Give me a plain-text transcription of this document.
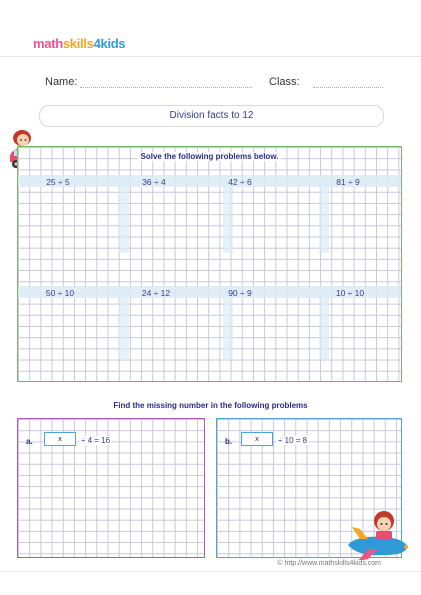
mathskills4kids
Name:	Class:
Division facts to 12
Solve the following problems below.
25 ÷ 5	36 ÷ 4	42 ÷ 6	81 ÷ 9
50 ÷ 10	24 ÷ 12	90 ÷ 9	10 ÷ 10
Find the missing number in the following problems
a.	x	÷ 4 = 16	b.	x	÷ 10 = 8
© http://www.mathskills4kids.com
